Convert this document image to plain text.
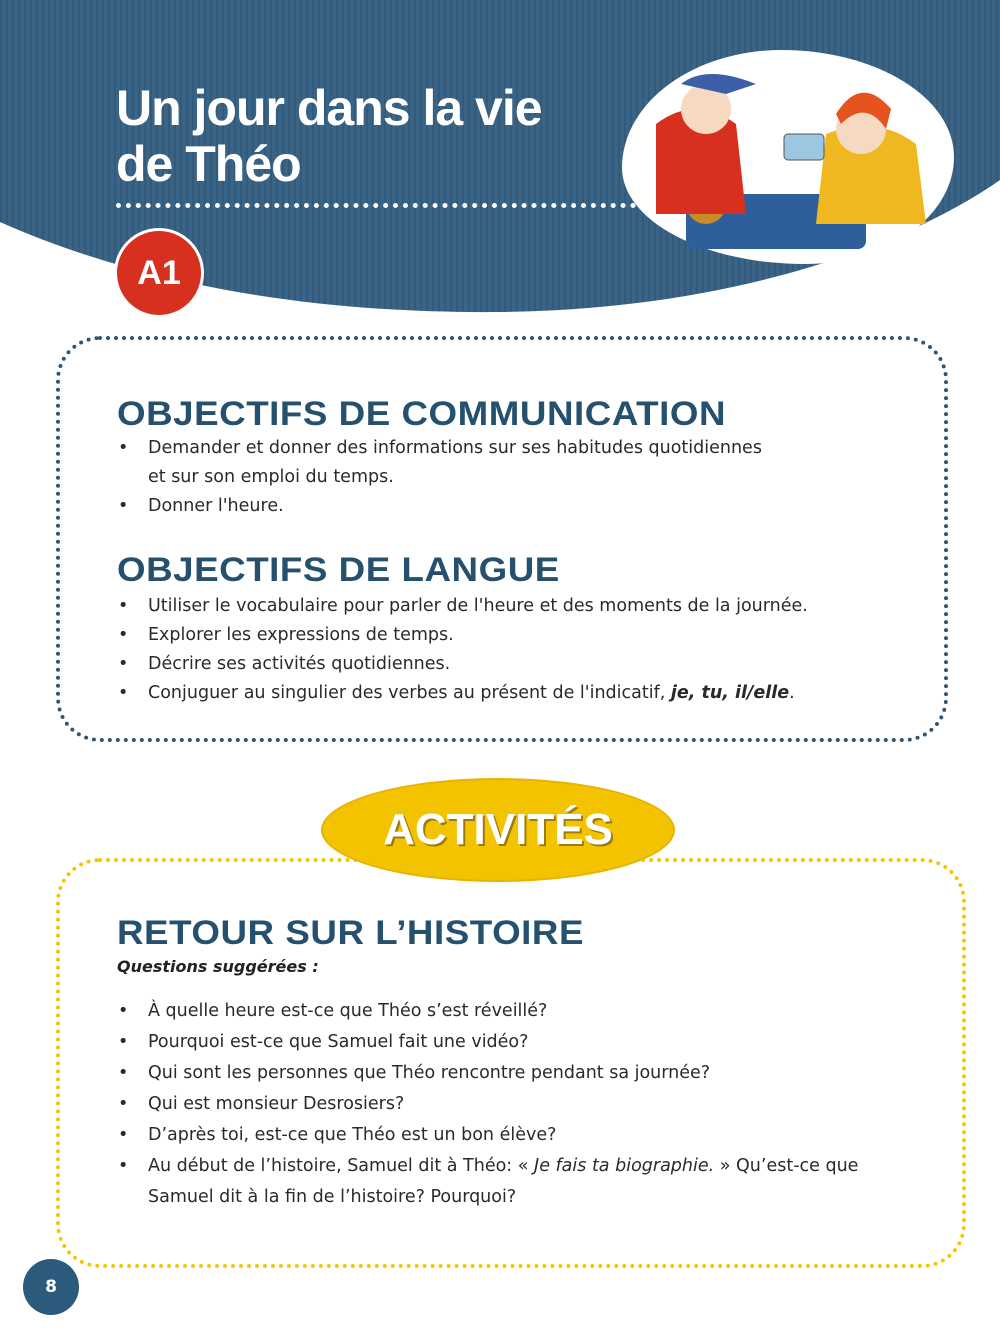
Un jour dans la vie
de Théo
A1
OBJECTIFS DE COMMUNICATION
• Demander et donner des informations sur ses habitudes quotidiennes
et sur son emploi du temps.
• Donner l'heure.
OBJECTIFS DE LANGUE
• Utiliser le vocabulaire pour parler de l'heure et des moments de la journée.
• Explorer les expressions de temps.
• Décrire ses activités quotidiennes.
• Conjuguer au singulier des verbes au présent de l'indicatif, je, tu, il/elle.
ACTIVITÉS
RETOUR SUR L’HISTOIRE
Questions suggérées :
• À quelle heure est-ce que Théo s’est réveillé?
• Pourquoi est-ce que Samuel fait une vidéo?
• Qui sont les personnes que Théo rencontre pendant sa journée?
• Qui est monsieur Desrosiers?
• D’après toi, est-ce que Théo est un bon élève?
• Au début de l’histoire, Samuel dit à Théo: « Je fais ta biographie. » Qu’est-ce que
Samuel dit à la fin de l’histoire? Pourquoi?
8
